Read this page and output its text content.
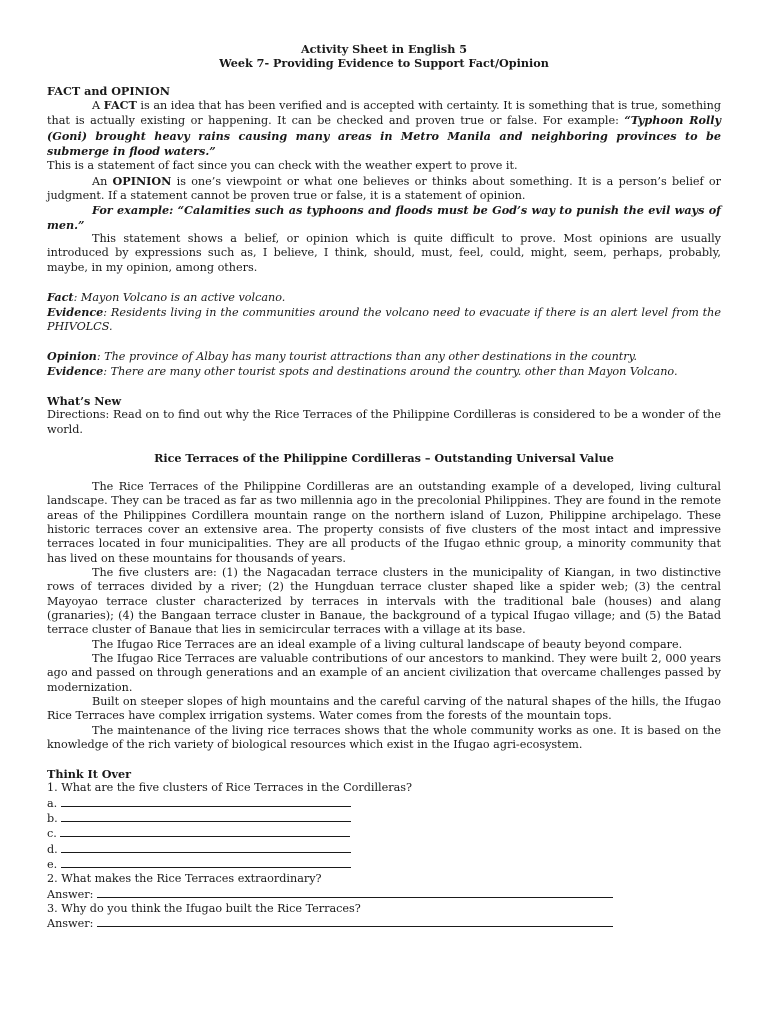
Activity Sheet in English 5

Week 7- Providing Evidence to Support Fact/Opinion

FACT and OPINION

A FACT is an idea that has been verified and is accepted with certainty. It is something that is true, something that is actually existing or happening. It can be checked and proven true or false. For example: “Typhoon Rolly (Goni) brought heavy rains causing many areas in Metro Manila and neighboring provinces to be submerge in flood waters.”

This is a statement of fact since you can check with the weather expert to prove it.

An OPINION is one’s viewpoint or what one believes or thinks about something. It is a person’s belief or judgment. If a statement cannot be proven true or false, it is a statement of opinion.

For example: “Calamities such as typhoons and floods must be God’s way to punish the evil ways of men.”

This statement shows a belief, or opinion which is quite difficult to prove. Most opinions are usually introduced by expressions such as, I believe, I think, should, must, feel, could, might, seem, perhaps, probably, maybe, in my opinion, among others.

Fact: Mayon Volcano is an active volcano.

Evidence: Residents living in the communities around the volcano need to evacuate if there is an alert level from the PHIVOLCS.

Opinion: The province of Albay has many tourist attractions than any other destinations in the country.

Evidence: There are many other tourist spots and destinations around the country. other than Mayon Volcano.

What’s New

Directions: Read on to find out why the Rice Terraces of the Philippine Cordilleras is considered to be a wonder of the world.

Rice Terraces of the Philippine Cordilleras – Outstanding Universal Value

The Rice Terraces of the Philippine Cordilleras are an outstanding example of a developed, living cultural landscape. They can be traced as far as two millennia ago in the precolonial Philippines. They are found in the remote areas of the Philippines Cordillera mountain range on the northern island of Luzon, Philippine archipelago. These historic terraces cover an extensive area. The property consists of five clusters of the most intact and impressive terraces located in four municipalities. They are all products of the Ifugao ethnic group, a minority community that has lived on these mountains for thousands of years.

The five clusters are: (1) the Nagacadan terrace clusters in the municipality of Kiangan, in two distinctive rows of terraces divided by a river; (2) the Hungduan terrace cluster shaped like a spider web; (3) the central Mayoyao terrace cluster characterized by terraces in intervals with the traditional bale (houses) and alang (granaries); (4) the Bangaan terrace cluster in Banaue, the background of a typical Ifugao village; and (5) the Batad terrace cluster of Banaue that lies in semicircular terraces with a village at its base.

The Ifugao Rice Terraces are an ideal example of a living cultural landscape of beauty beyond compare.

The Ifugao Rice Terraces are valuable contributions of our ancestors to mankind. They were built 2, 000 years ago and passed on through generations and an example of an ancient civilization that overcame challenges passed by modernization.

Built on steeper slopes of high mountains and the careful carving of the natural shapes of the hills, the Ifugao Rice Terraces have complex irrigation systems. Water comes from the forests of the mountain tops.

The maintenance of the living rice terraces shows that the whole community works as one. It is based on the knowledge of the rich variety of biological resources which exist in the Ifugao agri-ecosystem.

Think It Over

1. What are the five clusters of Rice Terraces in the Cordilleras?

a.

b.

c.

d.

e.

2. What makes the Rice Terraces extraordinary?

Answer:

3. Why do you think the Ifugao built the Rice Terraces?

Answer:
